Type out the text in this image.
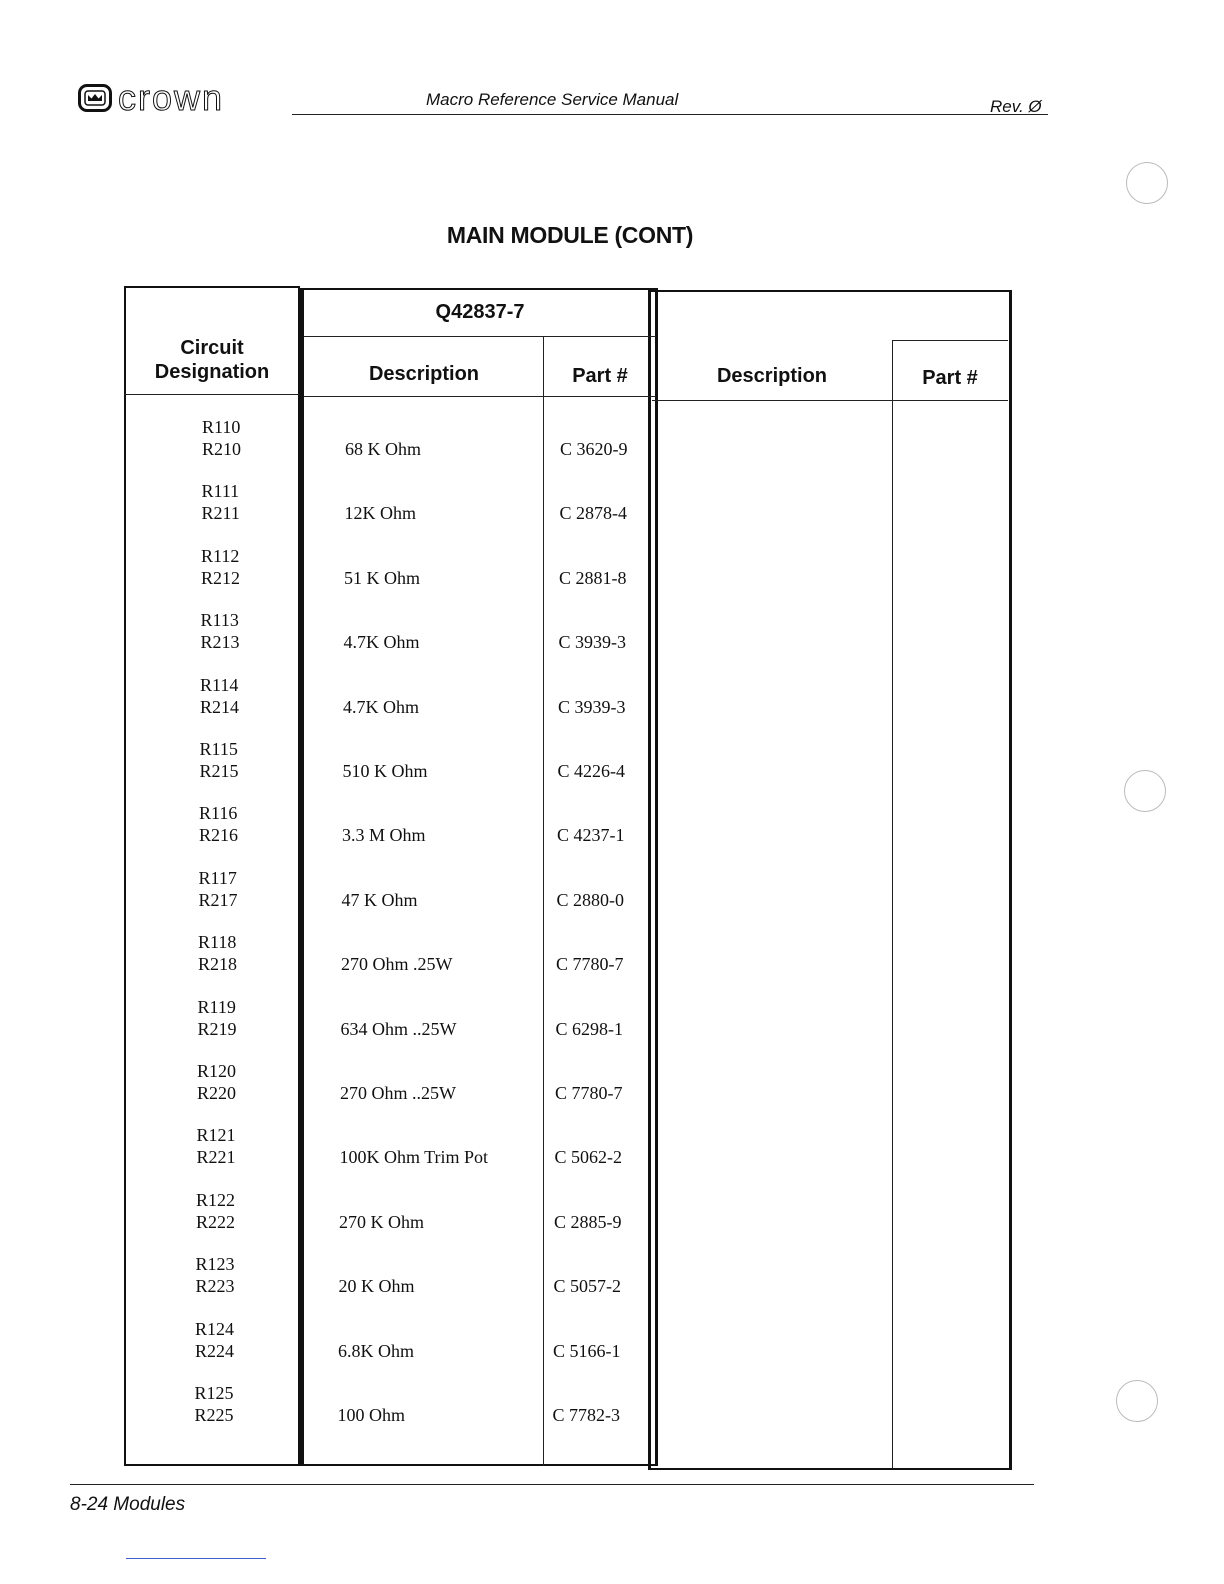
crown	Macro Reference Service Manual	Rev. Ø
MAIN MODULE (CONT)
Circuit Designation
Q42837-7
Description	Part #	Description	Part #
R110
R210	68 K Ohm	C 3620-9
R111
R211	12K Ohm	C 2878-4
R112
R212	51 K Ohm	C 2881-8
R113
R213	4.7K Ohm	C 3939-3
R114
R214	4.7K Ohm	C 3939-3
R115
R215	510 K Ohm	C 4226-4
R116
R216	3.3 M Ohm	C 4237-1
R117
R217	47 K Ohm	C 2880-0
R118
R218	270 Ohm .25W	C 7780-7
R119
R219	634 Ohm ..25W	C 6298-1
R120
R220	270 Ohm ..25W	C 7780-7
R121
R221	100K Ohm Trim Pot	C 5062-2
R122
R222	270 K Ohm	C 2885-9
R123
R223	20 K Ohm	C 5057-2
R124
R224	6.8K Ohm	C 5166-1
R125
R225	100 Ohm	C 7782-3
8-24 Modules
